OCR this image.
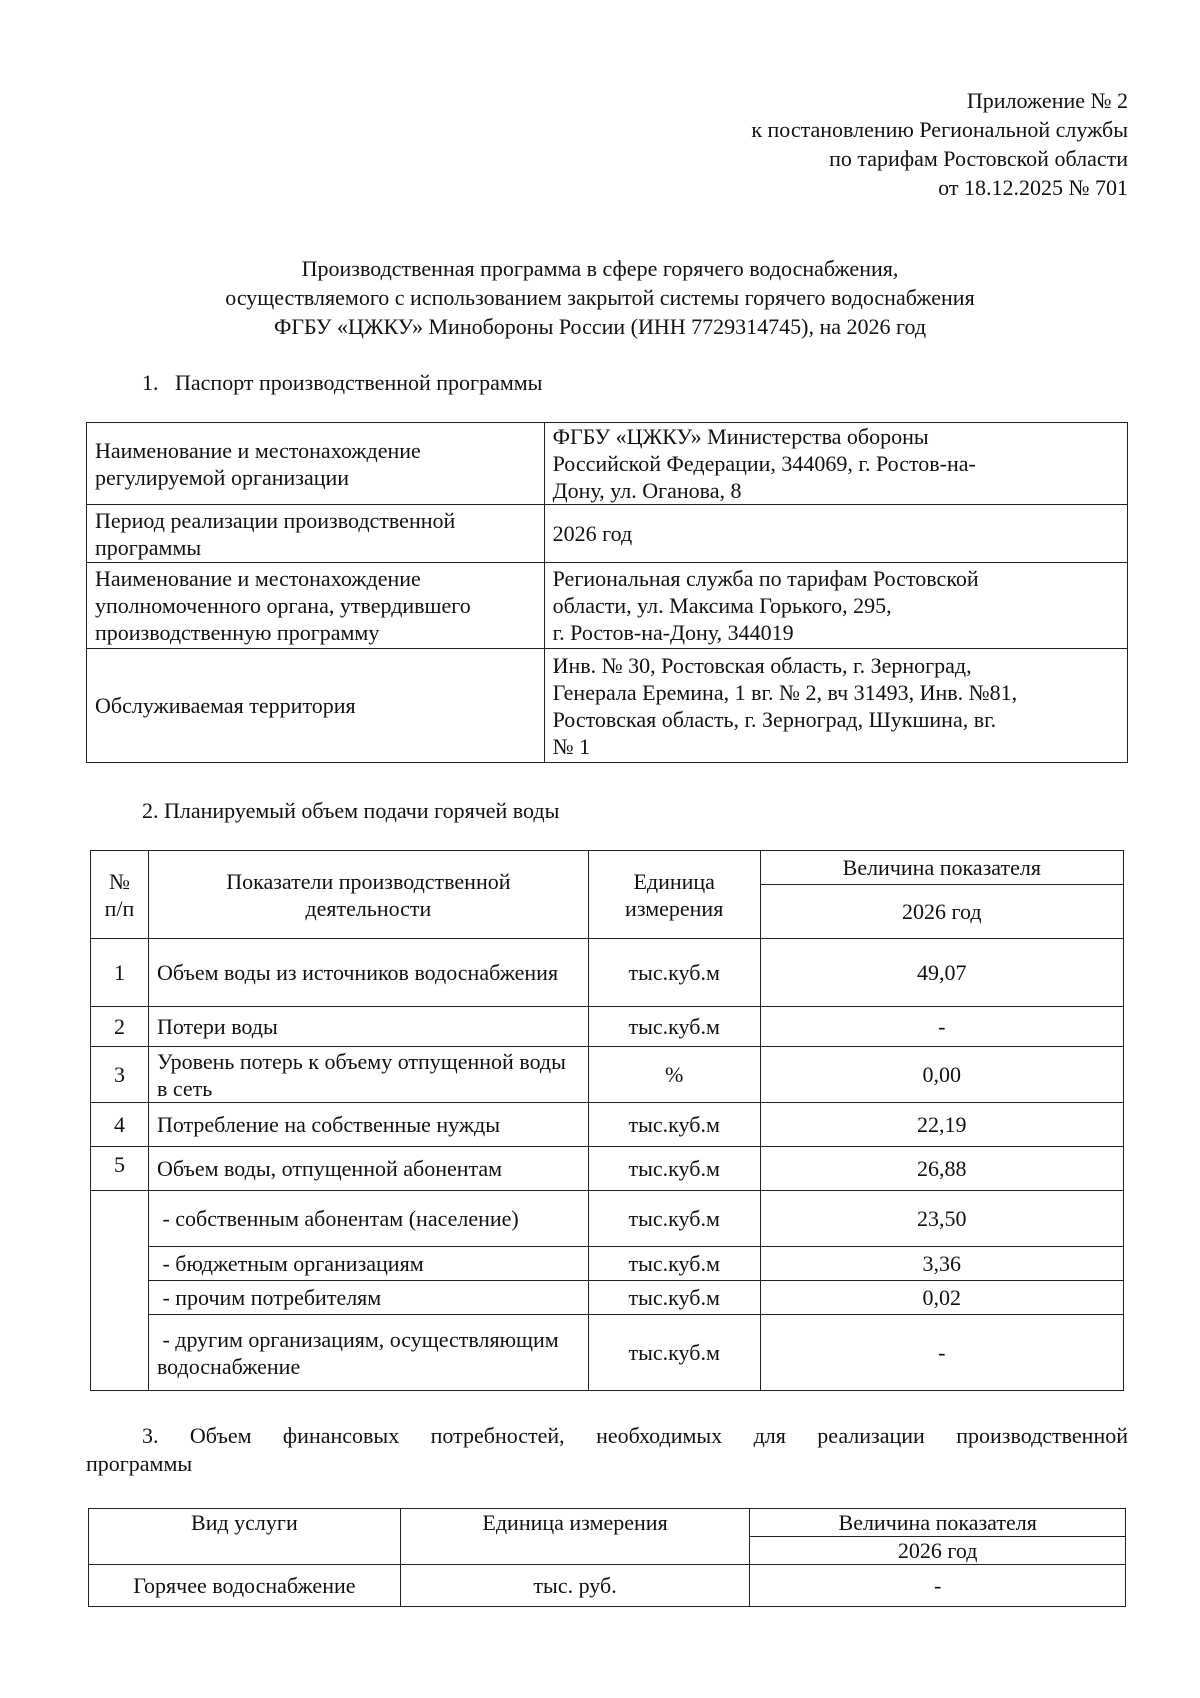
Приложение № 2
к постановлению Региональной службы
по тарифам Ростовской области
от 18.12.2025 № 701
Производственная программа в сфере горячего водоснабжения,
осуществляемого с использованием закрытой системы горячего водоснабжения
ФГБУ «ЦЖКУ» Минобороны России (ИНН 7729314745), на 2026 год
1.   Паспорт производственной программы
Наименование и местонахождение регулируемой организации	ФГБУ «ЦЖКУ» Министерства обороны
Российской Федерации, 344069, г. Ростов-на-
Дону, ул. Оганова, 8

Период реализации производственной программы	2026 год

Наименование и местонахождение уполномоченного органа, утвердившего производственную программу	Региональная служба по тарифам Ростовской
области, ул. Максима Горького, 295,
г. Ростов-на-Дону, 344019

Обслуживаемая территория	Инв. № 30, Ростовская область, г. Зерноград,
Генерала Еремина, 1 вг. № 2, вч 31493, Инв. №81,
Ростовская область, г. Зерноград, Шукшина, вг.
№ 1
2. Планируемый объем подачи горячей воды
№ п/п	Показатели производственной деятельности	Единица измерения	Величина показателя
			2026 год
1	Объем воды из источников водоснабжения	тыс.куб.м	49,07
2	Потери воды	тыс.куб.м	-
3	Уровень потерь к объему отпущенной воды в сеть	%	0,00
4	Потребление на собственные нужды	тыс.куб.м	22,19
5	Объем воды, отпущенной абонентам	тыс.куб.м	26,88
	- собственным абонентам (население)	тыс.куб.м	23,50
	- бюджетным организациям	тыс.куб.м	3,36
	- прочим потребителям	тыс.куб.м	0,02
	- другим организациям, осуществляющим водоснабжение	тыс.куб.м	-
3. Объем финансовых потребностей, необходимых для реализации производственной
программы
Вид услуги	Единица измерения	Величина показателя
		2026 год
Горячее водоснабжение	тыс. руб.	-
